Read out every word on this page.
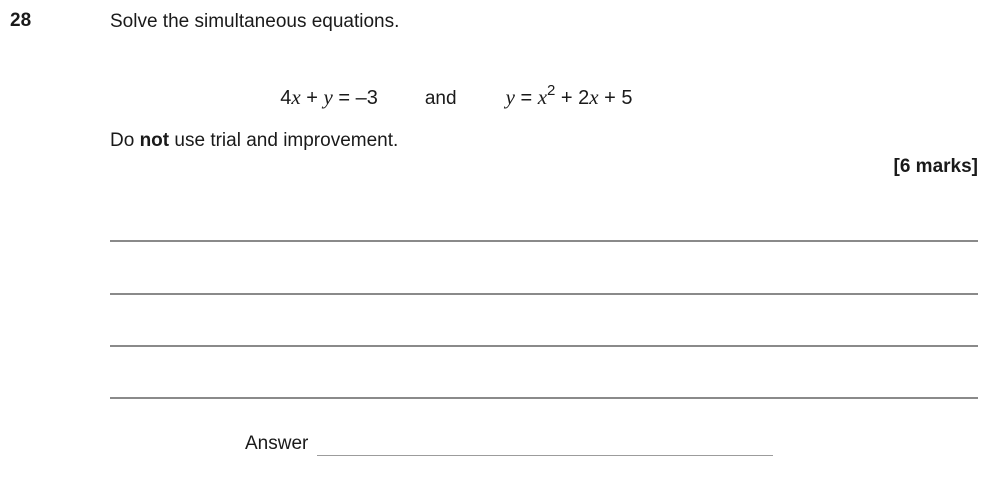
28	Solve the simultaneous equations.

4x + y = –3 and $y = x^2 + 2x + 5$

Do not use trial and improvement.
[6 marks]
Answer
